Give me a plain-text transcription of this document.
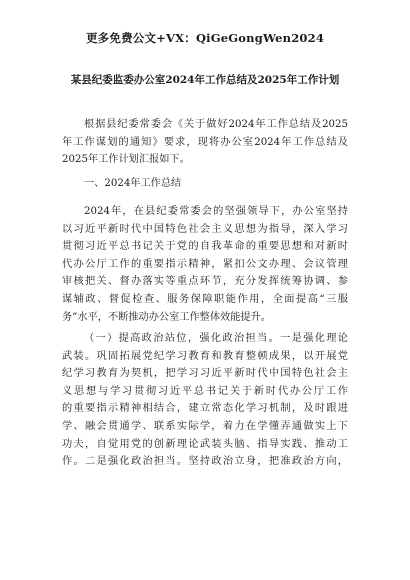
更多免费公文+VX：QiGeGongWen2024
某县纪委监委办公室2024年工作总结及2025年工作计划
根据县纪委常委会《关于做好2024年工作总结及2025
年工作谋划的通知》要求，现将办公室2024年工作总结及
2025年工作计划汇报如下。
一、2024年工作总结
2024年，在县纪委常委会的坚强领导下，办公室坚持
以习近平新时代中国特色社会主义思想为指导，深入学习
贯彻习近平总书记关于党的自我革命的重要思想和对新时
代办公厅工作的重要指示精神，紧扣公文办理、会议管理
审核把关、督办落实等重点环节，充分发挥统筹协调、参
谋辅政、督促检查、服务保障职能作用，全面提高“三服
务”水平，不断推动办公室工作整体效能提升。
（一）提高政治站位，强化政治担当。一是强化理论
武装。巩固拓展党纪学习教育和教育整顿成果，以开展党
纪学习教育为契机，把学习习近平新时代中国特色社会主
义思想与学习贯彻习近平总书记关于新时代办公厅工作
的重要指示精神相结合，建立常态化学习机制，及时跟进
学、融会贯通学、联系实际学，着力在学懂弄通做实上下
功夫，自觉用党的创新理论武装头脑、指导实践、推动工
作。二是强化政治担当。坚持政治立身，把准政治方向，
